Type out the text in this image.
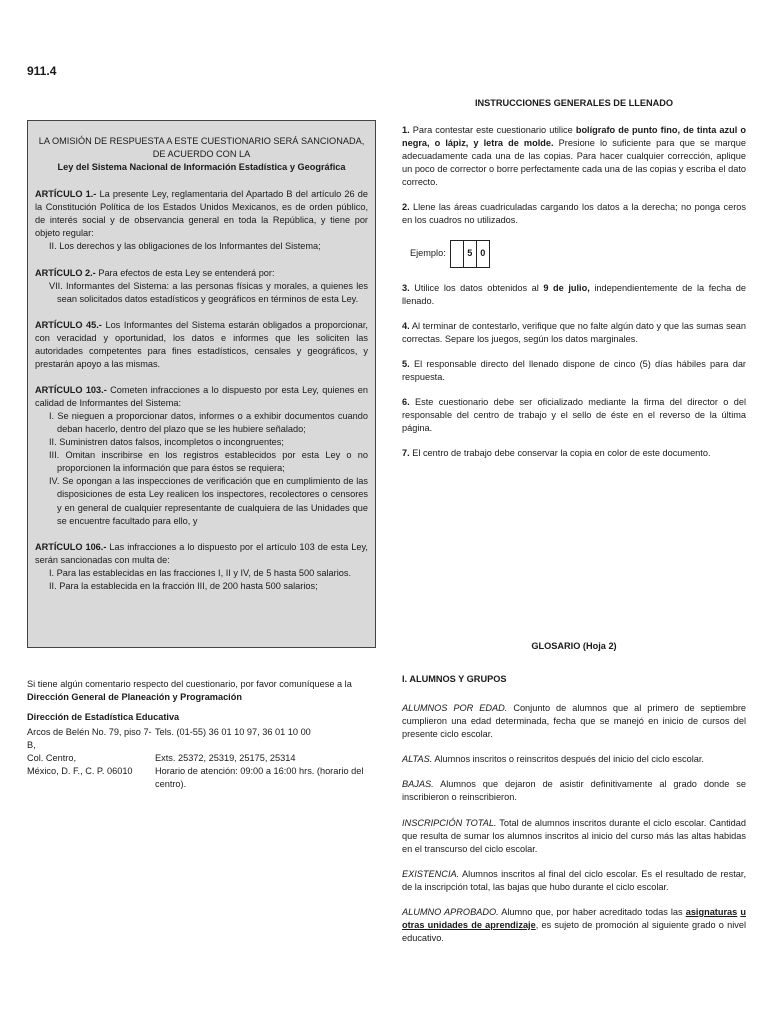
911.4
LA OMISIÓN DE RESPUESTA A ESTE CUESTIONARIO SERÁ SANCIONADA, DE ACUERDO CON LA
Ley del Sistema Nacional de Información Estadística y Geográfica
ARTÍCULO 1.- La presente Ley, reglamentaria del Apartado B del artículo 26 de la Constitución Política de los Estados Unidos Mexicanos, es de orden público, de interés social y de observancia general en toda la República, y tiene por objeto regular:
II. Los derechos y las obligaciones de los Informantes del Sistema;
ARTÍCULO 2.- Para efectos de esta Ley se entenderá por:
VII. Informantes del Sistema: a las personas físicas y morales, a quienes les sean solicitados datos estadísticos y geográficos en términos de esta Ley.
ARTÍCULO 45.- Los Informantes del Sistema estarán obligados a proporcionar, con veracidad y oportunidad, los datos e informes que les soliciten las autoridades competentes para fines estadísticos, censales y geográficos, y prestarán apoyo a las mismas.
ARTÍCULO 103.- Cometen infracciones a lo dispuesto por esta Ley, quienes en calidad de Informantes del Sistema:
I. Se nieguen a proporcionar datos, informes o a exhibir documentos cuando deban hacerlo, dentro del plazo que se les hubiere señalado;
II. Suministren datos falsos, incompletos o incongruentes;
III. Omitan inscribirse en los registros establecidos por esta Ley o no proporcionen la información que para éstos se requiera;
IV. Se opongan a las inspecciones de verificación que en cumplimiento de las disposiciones de esta Ley realicen los inspectores, recolectores o censores y en general de cualquier representante de cualquiera de las Unidades que se encuentre facultado para ello, y
ARTÍCULO 106.- Las infracciones a lo dispuesto por el artículo 103 de esta Ley, serán sancionadas con multa de:
I. Para las establecidas en las fracciones I, II y IV, de 5 hasta 500 salarios.
II. Para la establecida en la fracción III, de 200 hasta 500 salarios;
Si tiene algún comentario respecto del cuestionario, por favor comuníquese a la
Dirección General de Planeación y Programación
Dirección de Estadística Educativa
Arcos de Belén No. 79, piso 7-B,
Tels. (01-55) 36 01 10 97, 36 01 10 00
Col. Centro,	Exts. 25372, 25319, 25175, 25314
México, D. F., C. P. 06010	Horario de atención: 09:00 a 16:00 hrs. (horario del centro).
INSTRUCCIONES GENERALES DE LLENADO
1. Para contestar este cuestionario utilice bolígrafo de punto fino, de tinta azul o negra, o lápiz, y letra de molde. Presione lo suficiente para que se marque adecuadamente cada una de las copias. Para hacer cualquier corrección, aplique un poco de corrector o borre perfectamente cada una de las copias y escriba el dato correcto.
2. Llene las áreas cuadriculadas cargando los datos a la derecha; no ponga ceros en los cuadros no utilizados.
Ejemplo:	5 0
3. Utilice los datos obtenidos al 9 de julio, independientemente de la fecha de llenado.
4. Al terminar de contestarlo, verifique que no falte algún dato y que las sumas sean correctas. Separe los juegos, según los datos marginales.
5. El responsable directo del llenado dispone de cinco (5) días hábiles para dar respuesta.
6. Este cuestionario debe ser oficializado mediante la firma del director o del responsable del centro de trabajo y el sello de éste en el reverso de la última página.
7. El centro de trabajo debe conservar la copia en color de este documento.
GLOSARIO (Hoja 2)
I. ALUMNOS Y GRUPOS
ALUMNOS POR EDAD. Conjunto de alumnos que al primero de septiembre cumplieron una edad determinada, fecha que se manejó en inicio de cursos del presente ciclo escolar.
ALTAS. Alumnos inscritos o reinscritos después del inicio del ciclo escolar.
BAJAS. Alumnos que dejaron de asistir definitivamente al grado donde se inscribieron o reinscribieron.
INSCRIPCIÓN TOTAL. Total de alumnos inscritos durante el ciclo escolar. Cantidad que resulta de sumar los alumnos inscritos al inicio del curso más las altas habidas en el transcurso del ciclo escolar.
EXISTENCIA. Alumnos inscritos al final del ciclo escolar. Es el resultado de restar, de la inscripción total, las bajas que hubo durante el ciclo escolar.
ALUMNO APROBADO. Alumno que, por haber acreditado todas las asignaturas u otras unidades de aprendizaje, es sujeto de promoción al siguiente grado o nivel educativo.
